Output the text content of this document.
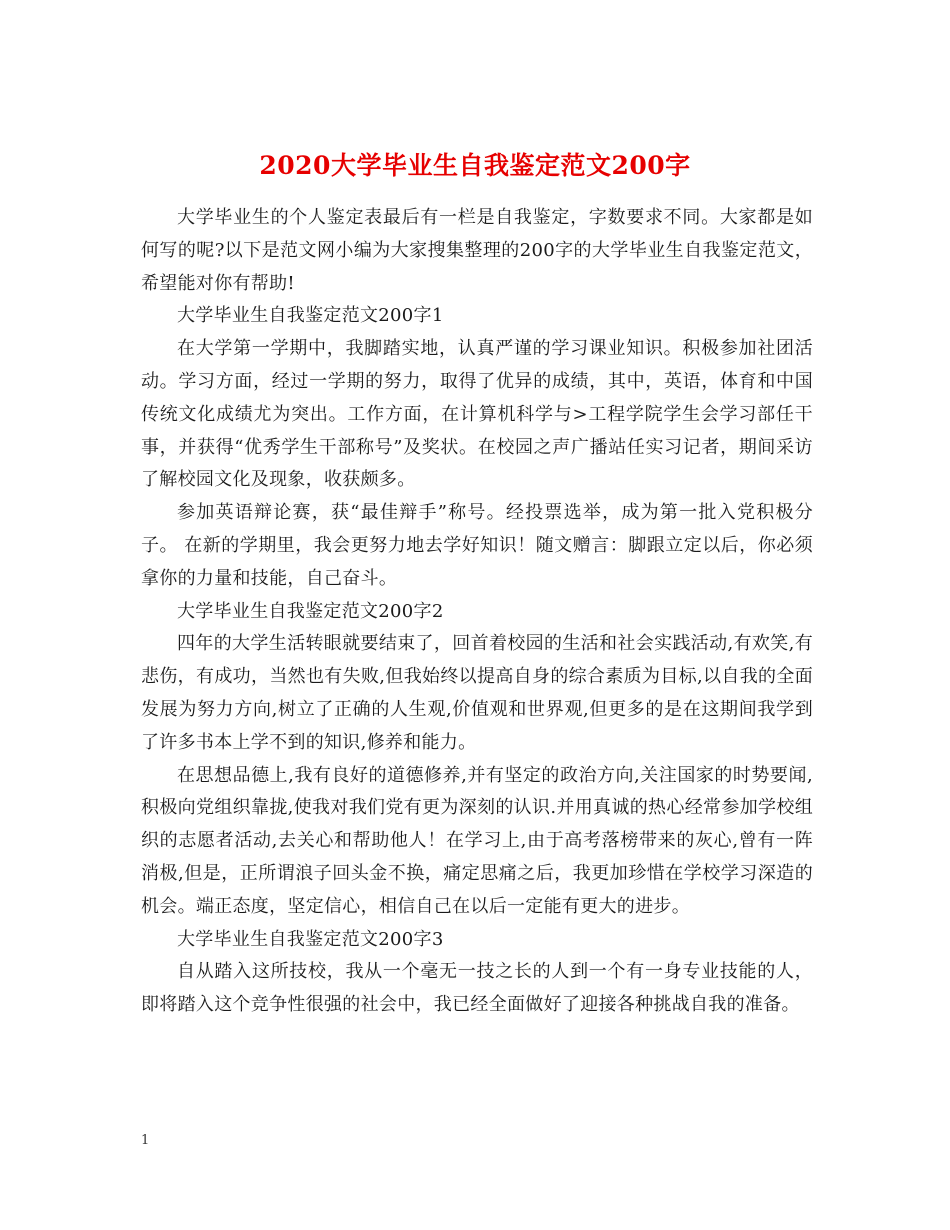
2020大学毕业生自我鉴定范文200字

大学毕业生的个人鉴定表最后有一栏是自我鉴定，字数要求不同。大家都是如何写的呢?以下是范文网小编为大家搜集整理的200字的大学毕业生自我鉴定范文，希望能对你有帮助!

大学毕业生自我鉴定范文200字1

在大学第一学期中，我脚踏实地，认真严谨的学习课业知识。积极参加社团活动。学习方面，经过一学期的努力，取得了优异的成绩，其中，英语，体育和中国传统文化成绩尤为突出。工作方面，在计算机科学与>工程学院学生会学习部任干事，并获得“优秀学生干部称号”及奖状。在校园之声广播站任实习记者，期间采访了解校园文化及现象，收获颇多。

参加英语辩论赛，获“最佳辩手”称号。经投票选举，成为第一批入党积极分子。 在新的学期里，我会更努力地去学好知识！随文赠言：脚跟立定以后，你必须拿你的力量和技能，自己奋斗。

大学毕业生自我鉴定范文200字2

四年的大学生活转眼就要结束了，回首着校园的生活和社会实践活动,有欢笑,有悲伤，有成功，当然也有失败,但我始终以提高自身的综合素质为目标,以自我的全面发展为努力方向,树立了正确的人生观,价值观和世界观,但更多的是在这期间我学到了许多书本上学不到的知识,修养和能力。

在思想品德上,我有良好的道德修养,并有坚定的政治方向,关注国家的时势要闻,积极向党组织靠拢,使我对我们党有更为深刻的认识.并用真诚的热心经常参加学校组织的志愿者活动,去关心和帮助他人！在学习上,由于高考落榜带来的灰心,曾有一阵消极,但是，正所谓浪子回头金不换，痛定思痛之后，我更加珍惜在学校学习深造的机会。端正态度，坚定信心，相信自己在以后一定能有更大的进步。

大学毕业生自我鉴定范文200字3

自从踏入这所技校，我从一个毫无一技之长的人到一个有一身专业技能的人，即将踏入这个竞争性很强的社会中，我已经全面做好了迎接各种挑战自我的准备。

1
